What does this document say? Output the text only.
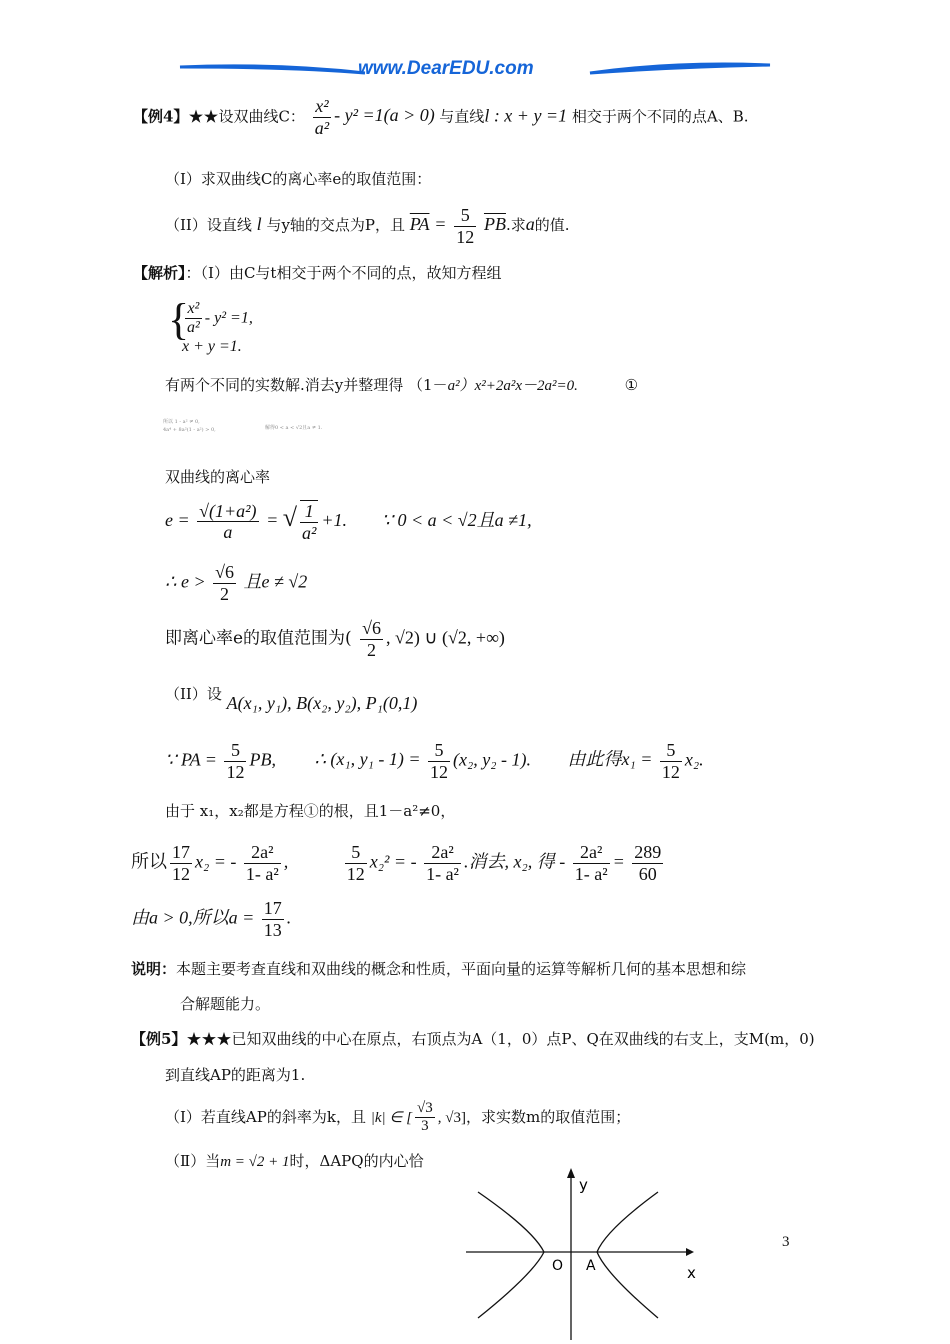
www.DearEDU.com
【例4】★★设双曲线C： $\frac{\text{x²}}{\text{a²}} - y^2 =1(a > 0)$ 与直线l : x + y =1 相交于两个不同的点A、B.
（I）求双曲线C的离心率e的取值范围：
（II）设直线 l 与y轴的交点为P，且 $\overline{PA} = \frac{5}{12} \overline{PB}$.求a的值.
【解析】：（I）由C与t相交于两个不同的点，故知方程组
{
$\frac{\text{x²}}{\text{a²}} - y^2 =1$,
x + y =1.
有两个不同的实数解.消去y并整理得 （1－a²）x²+2a²x－2a²=0.	①
所以 1 - a² ≠ 0,
4a⁴ + 8a²(1 - a²) > 0,	解得0 < a < √2且a ≠ 1.
双曲线的离心率
$e = \frac{\text{√(1+a²)}}{a}$ = √ $\frac{1}{\text{a²}} +1$. ∵ 0 < a < √2且a ≠1,
∴ $e > \frac{√6}{2}$ 且e ≠ √2
即离心率e的取值范围为( $\frac{√6}{2}$ , √2) ∪ (√2, +∞)
（II）设 A(x₁, y₁), B(x₂, y₂), P₁(0,1)
∵ PA = $\frac{5}{12}$ PB, ∴ (x₁, $y_1 - 1) = \frac{5}{12} (x_2$, y₂ - 1). 由此得$x_1 = \frac{5}{12} x_2$.
由于 x₁，x₂都是方程①的根，且1－a²≠0，
所以 $\frac{17}{12} x_2$ = - $\frac{\text{2a²}}{\text{1- a²}}$ ,	$\frac{5}{12} x_2^2$ = - $\frac{\text{2a²}}{\text{1- a²}}$ .消去, x₂, 得 - $\frac{\text{2a²}}{\text{1- a²}} = \frac{289}{60}$
由a > 0,所以$a = \frac{17}{13}$ .
说明：本题主要考查直线和双曲线的概念和性质，平面向量的运算等解析几何的基本思想和综
合解题能力。
【例5】★★★已知双曲线的中心在原点，右顶点为A（1，0）点P、Q在双曲线的右支上，支M(m，0)
到直线AP的距离为1.
（Ⅰ）若直线AP的斜率为k，且 |k| ∈ [ $\frac{√3}{3}$ , √3]，求实数m的取值范围；
（Ⅱ）当m = √2 + 1时，ΔAPQ的内心恰
y
x
O A
3
